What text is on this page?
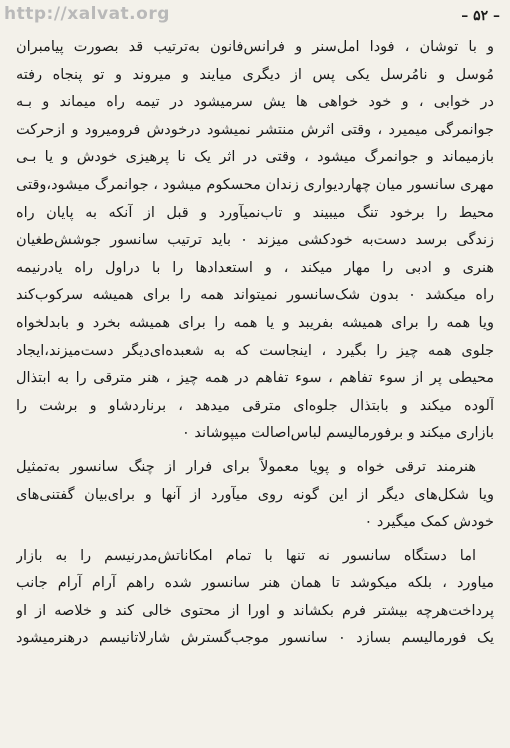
http://xalvat.org	– ۵۲ –
و با توشان ، فودا امل‌سنر و فرانس‌فانون به‌ترتیب قد بصورت پیامبران
مُوسل و نامُرسل یکی پس از دیگری میایند و میروند و تو پنجاه رفته
در خوابی ، و خود خواهی ها یش سرمیشود در تیمه راه میماند و بـه
جوانمرگی میمیرد ، وقتی اثرش منتشر نمیشود درخودش فرومیرود و ازحرکت
بازمیماند و جوانمرگ میشود ، وقتی در اثر یک نا پرهیزی خودش و یا بـی
مهری سانسور میان چهاردیواری زندان محسکوم میشود ، جوانمرگ میشود،وقتی
محیط را برخود تنگ میبیند و تاب‌نمیآورد و قبل از آنکه به پایان راه
زندگی برسد دست‌به خودکشی میزند ٠ باید ترتیب سانسور جوشش‌طغیان
هنری و ادبی را مهار میکند ، و استعدادها را با دراول راه یادرنیمه
راه میکشد ٠ بدون شک‌سانسور نمیتواند همه را برای همیشه سرکوب‌کند
ویا همه را برای همیشه بفریبد و یا همه را برای همیشه بخرد و بابدلخواه
جلوی همه چیز را بگیرد ، اینجاست که به شعبده‌ای‌دیگر دست‌میزند،ایجاد
محیطی پر از سوء تفاهم ، سوء تفاهم در همه چیز ، هنر مترقی را به ابتذال
آلوده میکند و بابتذال جلوه‌ای مترقی میدهد ، برنارد‌شاو و برشت را
بازاری میکند و برفورمالیسم لباس‌اصالت میپوشاند ٠
هنرمند ترقی خواه و پویا معمولاً برای فرار از چنگ سانسور به‌تمثیل
ویا شکل‌های دیگر از این گونه روی میآورد از آنها و برای‌بیان گفتنی‌های
خودش کمک میگیرد ٠
اما دستگاه سانسور نه تنها با تمام امکاناتش‌مدرنیسم را به بازار
میاورد ، بلکه میکوشد تا همان هنر سانسور شده راهم آرام آرام جانب
پرداخت‌هرچه بیشتر فرم بکشاند و اورا از محتوی خالی کند و خلاصه از او
یک فورمالیسم بسازد ٠ سانسور موجب‌گسترش شارلاتانیسم درهنرمیشود
